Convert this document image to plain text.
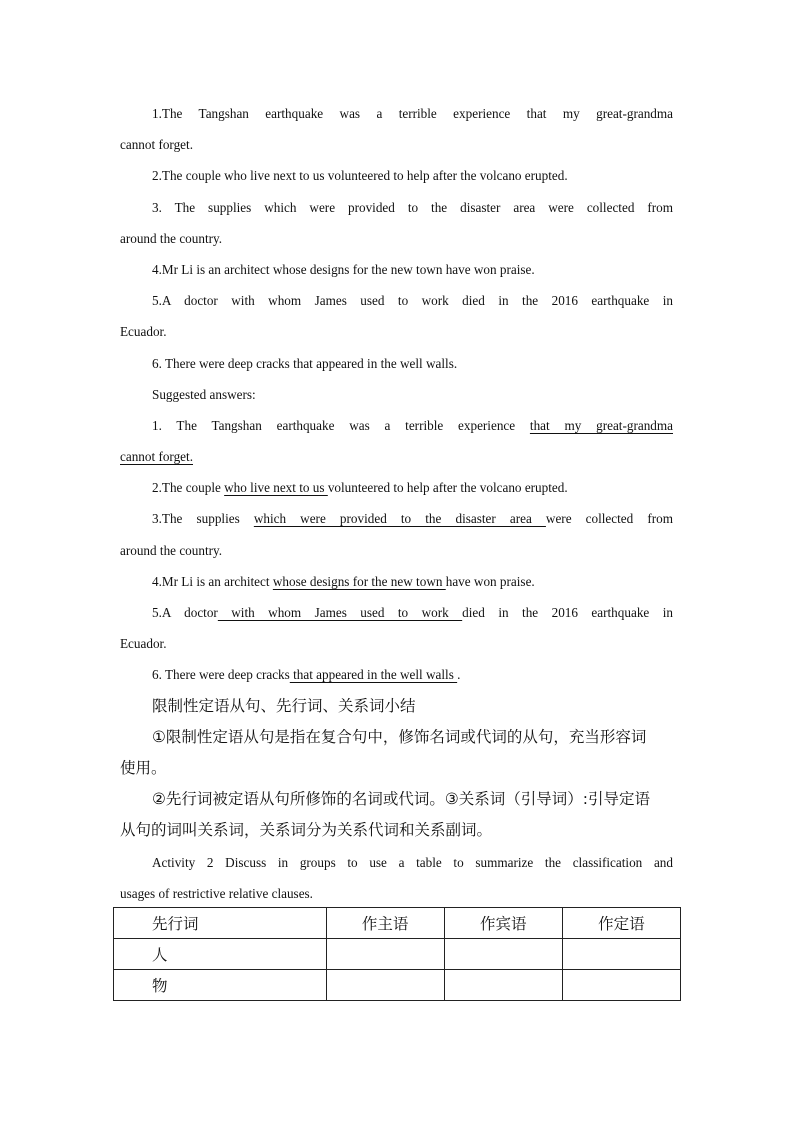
1.The Tangshan earthquake was a terrible experience that my great-grandma
cannot forget.
2.The couple who live next to us volunteered to help after the volcano erupted.
3. The supplies which were provided to the disaster area were collected from
around the country.
4.Mr Li is an architect whose designs for the new town have won praise.
5.A doctor with whom James used to work died in the 2016 earthquake in
Ecuador.
6. There were deep cracks that appeared in the well walls.
Suggested answers:
1. The Tangshan earthquake was a terrible experience that my great-grandma
cannot forget.
2.The couple who live next to us volunteered to help after the volcano erupted.
3.The supplies which were provided to the disaster area were collected from
around the country.
4.Mr Li is an architect whose designs for the new town have won praise.
5.A doctor with whom James used to work died in the 2016 earthquake in
Ecuador.
6. There were deep cracks that appeared in the well walls .
限制性定语从句、先行词、关系词小结
①限制性定语从句是指在复合句中，修饰名词或代词的从句，充当形容词
使用。
②先行词被定语从句所修饰的名词或代词。③关系词（引导词）:引导定语
从句的词叫关系词，关系词分为关系代词和关系副词。
Activity 2 Discuss in groups to use a table to summarize the classification and
usages of restrictive relative clauses.
先行词	作主语	作宾语	作定语
人			
物			
